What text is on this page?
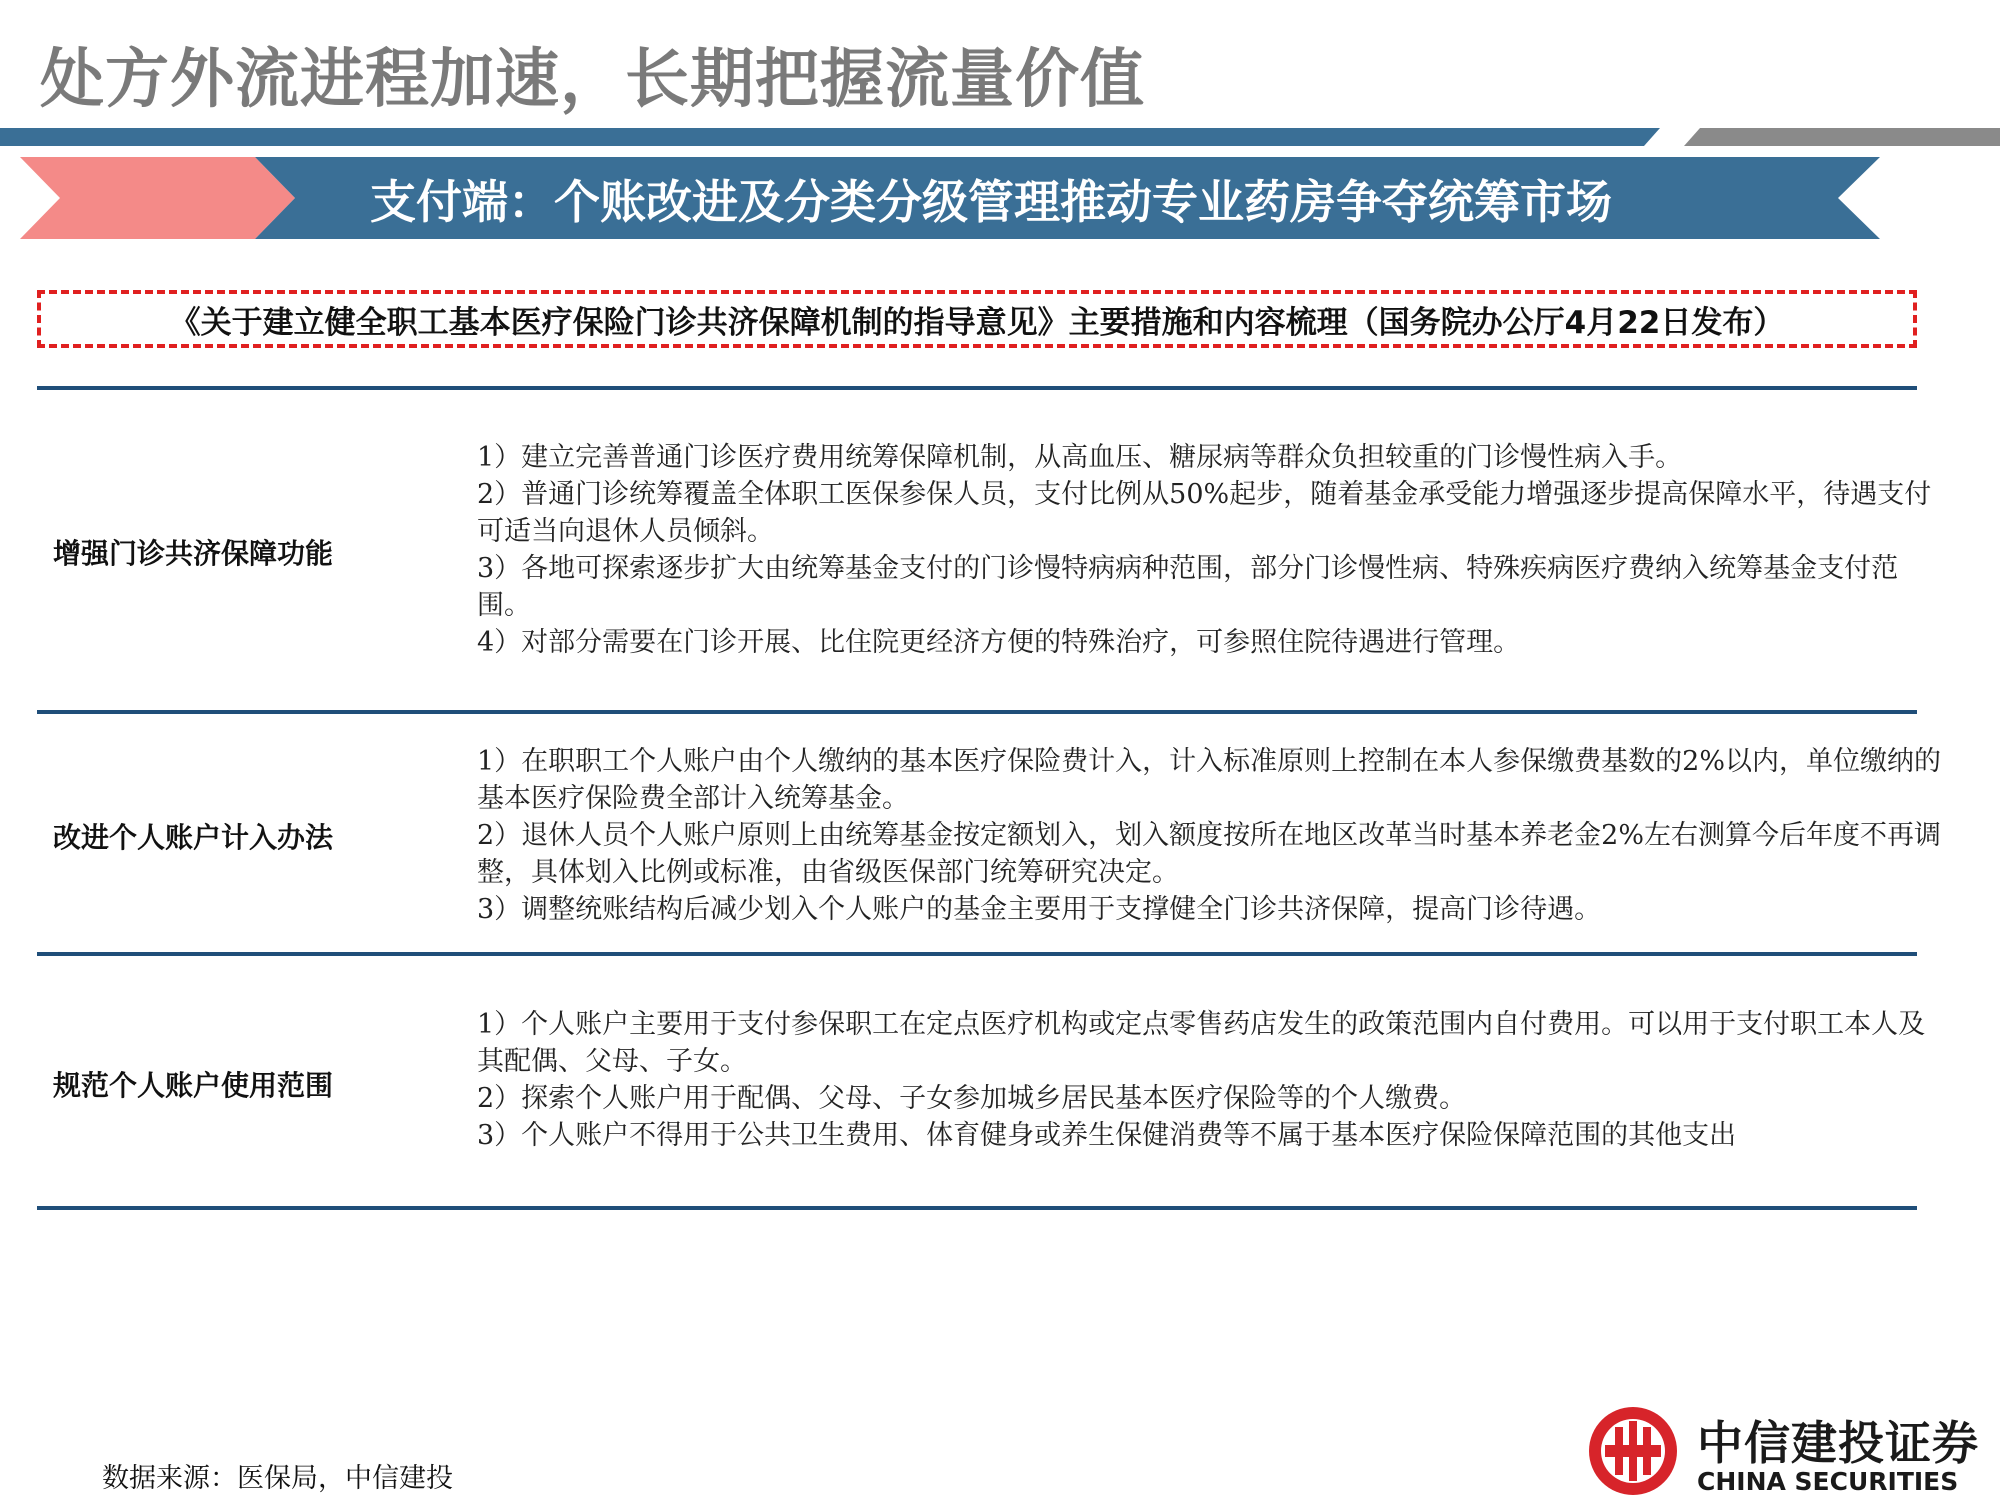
处方外流进程加速，长期把握流量价值
支付端：个账改进及分类分级管理推动专业药房争夺统筹市场
《关于建立健全职工基本医疗保险门诊共济保障机制的指导意见》主要措施和内容梳理（国务院办公厅4月22日发布）
增强门诊共济保障功能

1）建立完善普通门诊医疗费用统筹保障机制，从高血压、糖尿病等群众负担较重的门诊慢性病入手。

2）普通门诊统筹覆盖全体职工医保参保人员，支付比例从50%起步，随着基金承受能力增强逐步提高保障水平，待遇支付可适当向退休人员倾斜。

3）各地可探索逐步扩大由统筹基金支付的门诊慢特病病种范围，部分门诊慢性病、特殊疾病医疗费纳入统筹基金支付范围。

4）对部分需要在门诊开展、比住院更经济方便的特殊治疗，可参照住院待遇进行管理。

改进个人账户计入办法

1）在职职工个人账户由个人缴纳的基本医疗保险费计入，计入标准原则上控制在本人参保缴费基数的2%以内，单位缴纳的基本医疗保险费全部计入统筹基金。

2）退休人员个人账户原则上由统筹基金按定额划入，划入额度按所在地区改革当时基本养老金2%左右测算今后年度不再调整，具体划入比例或标准，由省级医保部门统筹研究决定。

3）调整统账结构后减少划入个人账户的基金主要用于支撑健全门诊共济保障，提高门诊待遇。

规范个人账户使用范围

1）个人账户主要用于支付参保职工在定点医疗机构或定点零售药店发生的政策范围内自付费用。可以用于支付职工本人及其配偶、父母、子女。

2）探索个人账户用于配偶、父母、子女参加城乡居民基本医疗保险等的个人缴费。

3）个人账户不得用于公共卫生费用、体育健身或养生保健消费等不属于基本医疗保险保障范围的其他支出

数据来源：医保局，中信建投
中信建投证券
CHINA SECURITIES
